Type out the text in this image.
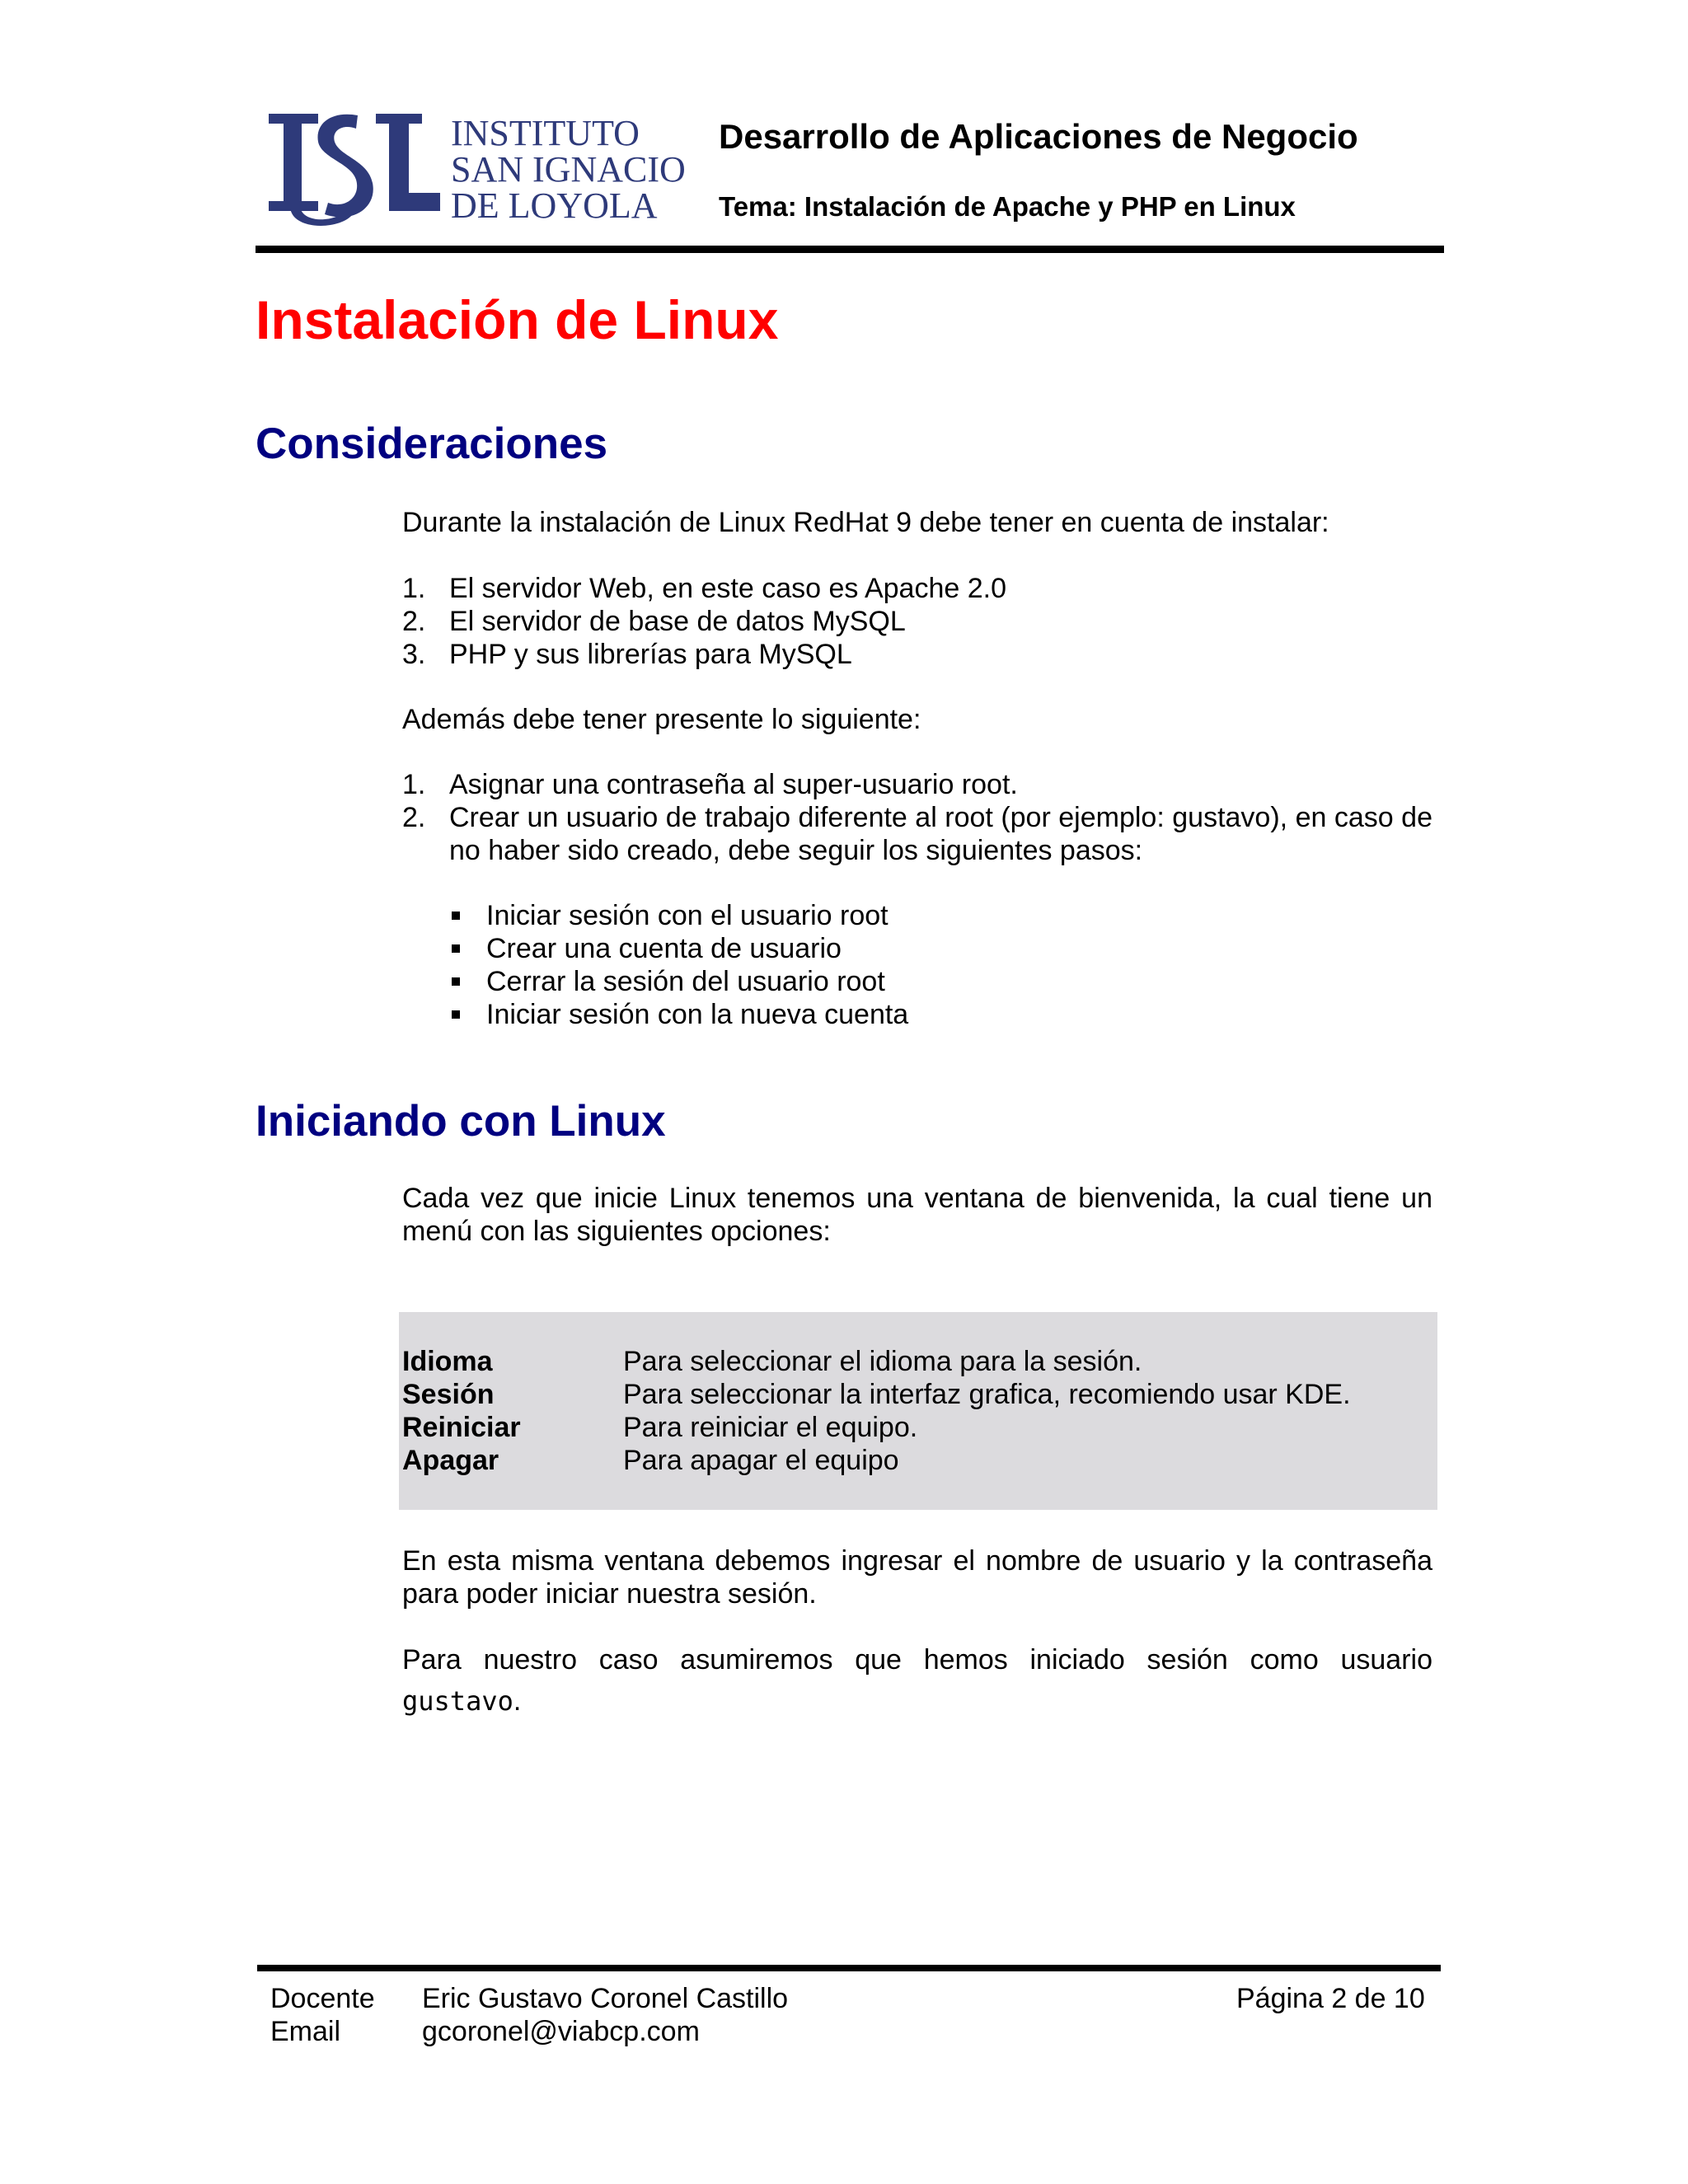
INSTITUTO
SAN IGNACIO
DE LOYOLA
Desarrollo de Aplicaciones de Negocio
Tema: Instalación de Apache y PHP en Linux
Instalación de Linux
Consideraciones
Durante la instalación de Linux RedHat 9 debe tener en cuenta de instalar:
1. El servidor Web, en este caso es Apache 2.0
2. El servidor de base de datos MySQL
3. PHP y sus librerías para MySQL
Además debe tener presente lo siguiente:
1. Asignar una contraseña al super-usuario root.
2. Crear un usuario de trabajo diferente al root (por ejemplo: gustavo), en caso de no haber sido creado, debe seguir los siguientes pasos:
Iniciar sesión con el usuario root
Crear una cuenta de usuario
Cerrar la sesión del usuario root
Iniciar sesión con la nueva cuenta
Iniciando con Linux
Cada vez que inicie Linux tenemos una ventana de bienvenida, la cual tiene un menú con las siguientes opciones:
Idioma	Para seleccionar el idioma para la sesión.
Sesión	Para seleccionar la interfaz grafica, recomiendo usar KDE.
Reiniciar	Para reiniciar el equipo.
Apagar	Para apagar el equipo
En esta misma ventana debemos ingresar el nombre de usuario y la contraseña para poder iniciar nuestra sesión.
Para nuestro caso asumiremos que hemos iniciado sesión como usuario
gustavo.
Docente Eric Gustavo Coronel Castillo	Página 2 de 10
Email	gcoronel@viabcp.com
